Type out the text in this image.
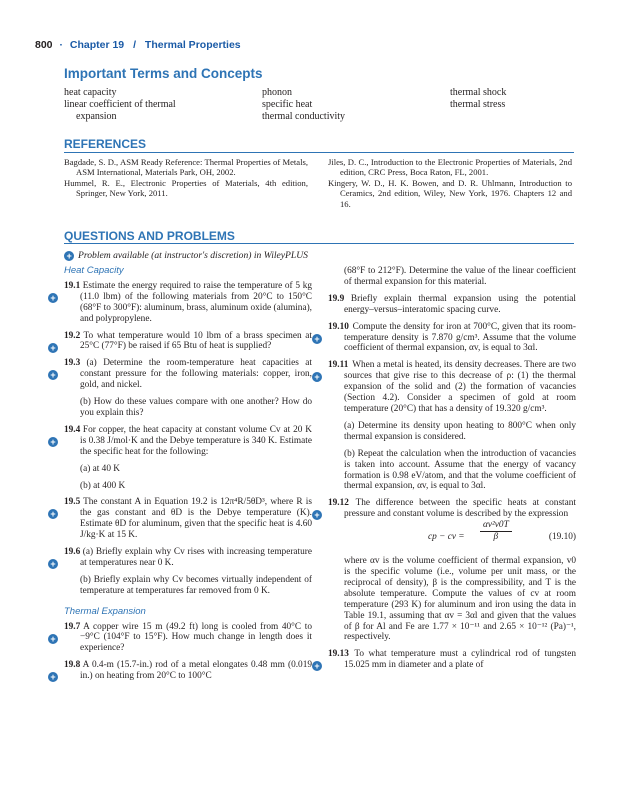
800 · Chapter 19 / Thermal Properties
Important Terms and Concepts
heat capacity
linear coefficient of thermal
expansion
phonon
specific heat
thermal conductivity
thermal shock
thermal stress
REFERENCES
Bagdade, S. D., ASM Ready Reference: Thermal Properties of Metals, ASM International, Materials Park, OH, 2002.
Hummel, R. E., Electronic Properties of Materials, 4th edition, Springer, New York, 2011.
Jiles, D. C., Introduction to the Electronic Properties of Materials, 2nd edition, CRC Press, Boca Raton, FL, 2001.
Kingery, W. D., H. K. Bowen, and D. R. Uhlmann, Introduction to Ceramics, 2nd edition, Wiley, New York, 1976. Chapters 12 and 16.
QUESTIONS AND PROBLEMS
+ Problem available (at instructor's discretion) in WileyPLUS

Heat Capacity

+
19.1 Estimate the energy required to raise the temperature of 5 kg (11.0 lbm) of the following materials from 20°C to 150°C (68°F to 300°F): aluminum, brass, aluminum oxide (alumina), and polypropylene.

+
19.2 To what temperature would 10 lbm of a brass specimen at 25°C (77°F) be raised if 65 Btu of heat is supplied?

+
19.3 (a) Determine the room-temperature heat capacities at constant pressure for the following materials: copper, iron, gold, and nickel.

(b) How do these values compare with one another? How do you explain this?

+
19.4 For copper, the heat capacity at constant volume Cv at 20 K is 0.38 J/mol·K and the Debye temperature is 340 K. Estimate the specific heat for the following:

(a) at 40 K

(b) at 400 K

+
19.5 The constant A in Equation 19.2 is 12π⁴R/5θD³, where R is the gas constant and θD is the Debye temperature (K). Estimate θD for aluminum, given that the specific heat is 4.60 J/kg·K at 15 K.

+
19.6 (a) Briefly explain why Cv rises with increasing temperature at temperatures near 0 K.

(b) Briefly explain why Cv becomes virtually independent of temperature at temperatures far removed from 0 K.

Thermal Expansion

+
19.7 A copper wire 15 m (49.2 ft) long is cooled from 40°C to −9°C (104°F to 15°F). How much change in length does it experience?

+
19.8 A 0.4-m (15.7-in.) rod of a metal elongates 0.48 mm (0.019 in.) on heating from 20°C to 100°C

(68°F to 212°F). Determine the value of the linear coefficient of thermal expansion for this material.

19.9 Briefly explain thermal expansion using the potential energy–versus–interatomic spacing curve.

+
19.10 Compute the density for iron at 700°C, given that its room-temperature density is 7.870 g/cm³. Assume that the volume coefficient of thermal expansion, αv, is equal to 3αl.

+
19.11 When a metal is heated, its density decreases. There are two sources that give rise to this decrease of ρ: (1) the thermal expansion of the solid and (2) the formation of vacancies (Section 4.2). Consider a specimen of gold at room temperature (20°C) that has a density of 19.320 g/cm³.

(a) Determine its density upon heating to 800°C when only thermal expansion is considered.

(b) Repeat the calculation when the introduction of vacancies is taken into account. Assume that the energy of vacancy formation is 0.98 eV/atom, and that the volume coefficient of thermal expansion, αv, is equal to 3αl.

+
19.12 The difference between the specific heats at constant pressure and constant volume is described by the expression

cp − cv = $\frac{\text{αv²v0T}}{\beta}$	(19.10)

where αv is the volume coefficient of thermal expansion, v0 is the specific volume (i.e., volume per unit mass, or the reciprocal of density), β is the compressibility, and T is the absolute temperature. Compute the values of cv at room temperature (293 K) for aluminum and iron using the data in Table 19.1, assuming that αv = 3αl and given that the values of β for Al and Fe are 1.77 × 10⁻¹¹ and 2.65 × 10⁻¹² (Pa)⁻¹, respectively.

+
19.13 To what temperature must a cylindrical rod of tungsten 15.025 mm in diameter and a plate of
